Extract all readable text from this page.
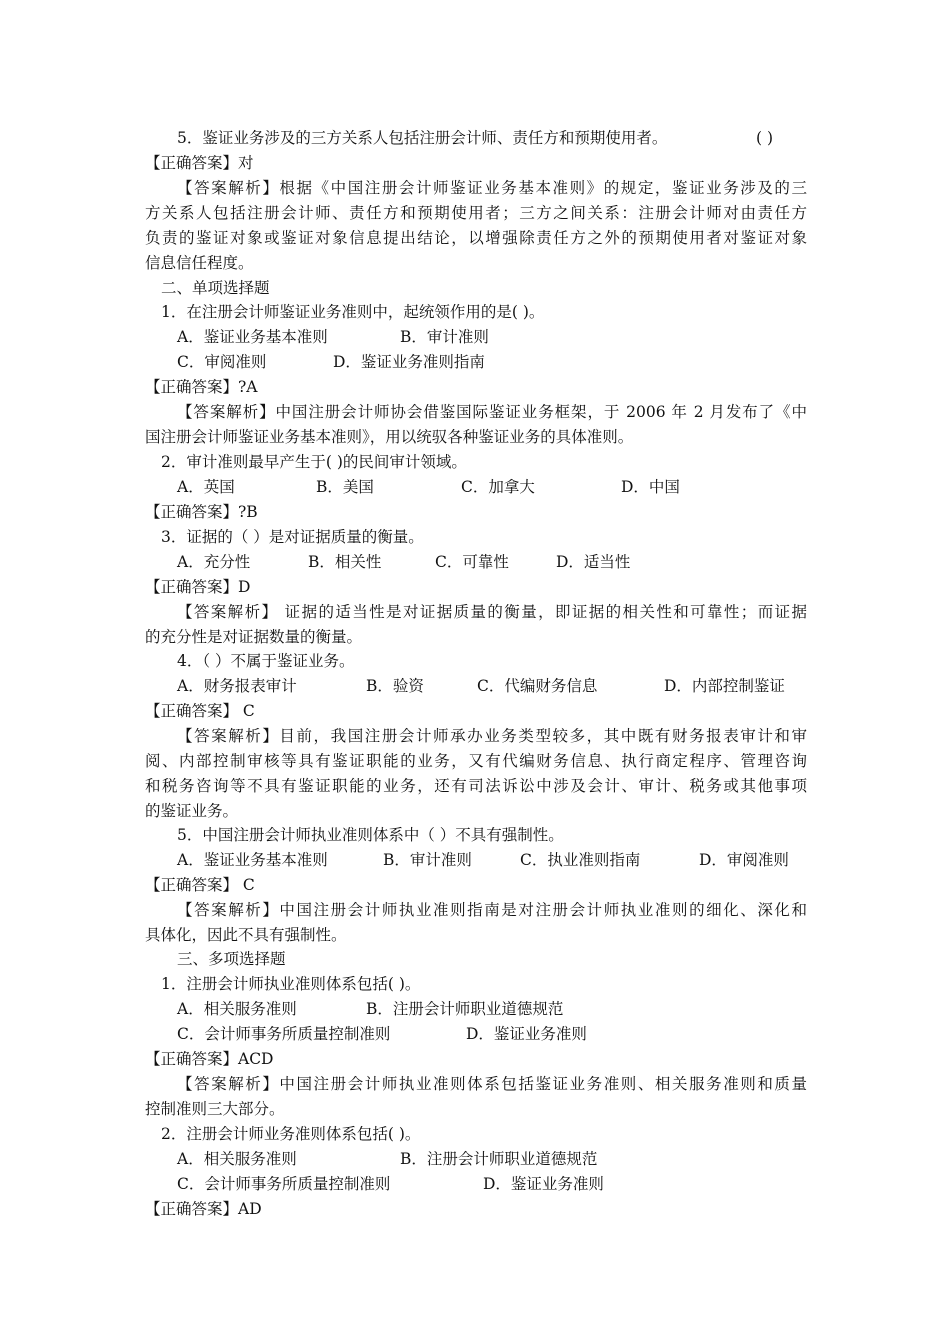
5．鉴证业务涉及的三方关系人包括注册会计师、责任方和预期使用者。	( )
【正确答案】对
【答案解析】根据《中国注册会计师鉴证业务基本准则》的规定，鉴证业务涉及的三
方关系人包括注册会计师、责任方和预期使用者；三方之间关系：注册会计师对由责任方
负责的鉴证对象或鉴证对象信息提出结论，以增强除责任方之外的预期使用者对鉴证对象
信息信任程度。
二、单项选择题
1．在注册会计师鉴证业务准则中，起统领作用的是( )。
A．鉴证业务基本准则	B．审计准则
C．审阅准则	D．鉴证业务准则指南
【正确答案】?A
【答案解析】中国注册会计师协会借鉴国际鉴证业务框架，于 2006 年 2 月发布了《中
国注册会计师鉴证业务基本准则》，用以统驭各种鉴证业务的具体准则。
2．审计准则最早产生于( )的民间审计领域。
A．英国	B．美国	C．加拿大	D．中国
【正确答案】?B
3．证据的（ ）是对证据质量的衡量。
A．充分性	B．相关性	C．可靠性	D．适当性
【正确答案】D
【答案解析】 证据的适当性是对证据质量的衡量，即证据的相关性和可靠性；而证据
的充分性是对证据数量的衡量。
4．（ ）不属于鉴证业务。
A．财务报表审计	B．验资	C．代编财务信息	D．内部控制鉴证
【正确答案】 C
【答案解析】目前，我国注册会计师承办业务类型较多，其中既有财务报表审计和审
阅、内部控制审核等具有鉴证职能的业务，又有代编财务信息、执行商定程序、管理咨询
和税务咨询等不具有鉴证职能的业务，还有司法诉讼中涉及会计、审计、税务或其他事项
的鉴证业务。
5．中国注册会计师执业准则体系中（ ）不具有强制性。
A．鉴证业务基本准则	B．审计准则	C．执业准则指南	D．审阅准则
【正确答案】 C
【答案解析】中国注册会计师执业准则指南是对注册会计师执业准则的细化、深化和
具体化，因此不具有强制性。
三、多项选择题
1．注册会计师执业准则体系包括( )。
A．相关服务准则	B．注册会计师职业道德规范
C．会计师事务所质量控制准则	D．鉴证业务准则
【正确答案】ACD
【答案解析】中国注册会计师执业准则体系包括鉴证业务准则、相关服务准则和质量
控制准则三大部分。
2．注册会计师业务准则体系包括( )。
A．相关服务准则	B．注册会计师职业道德规范
C．会计师事务所质量控制准则	D．鉴证业务准则
【正确答案】AD
